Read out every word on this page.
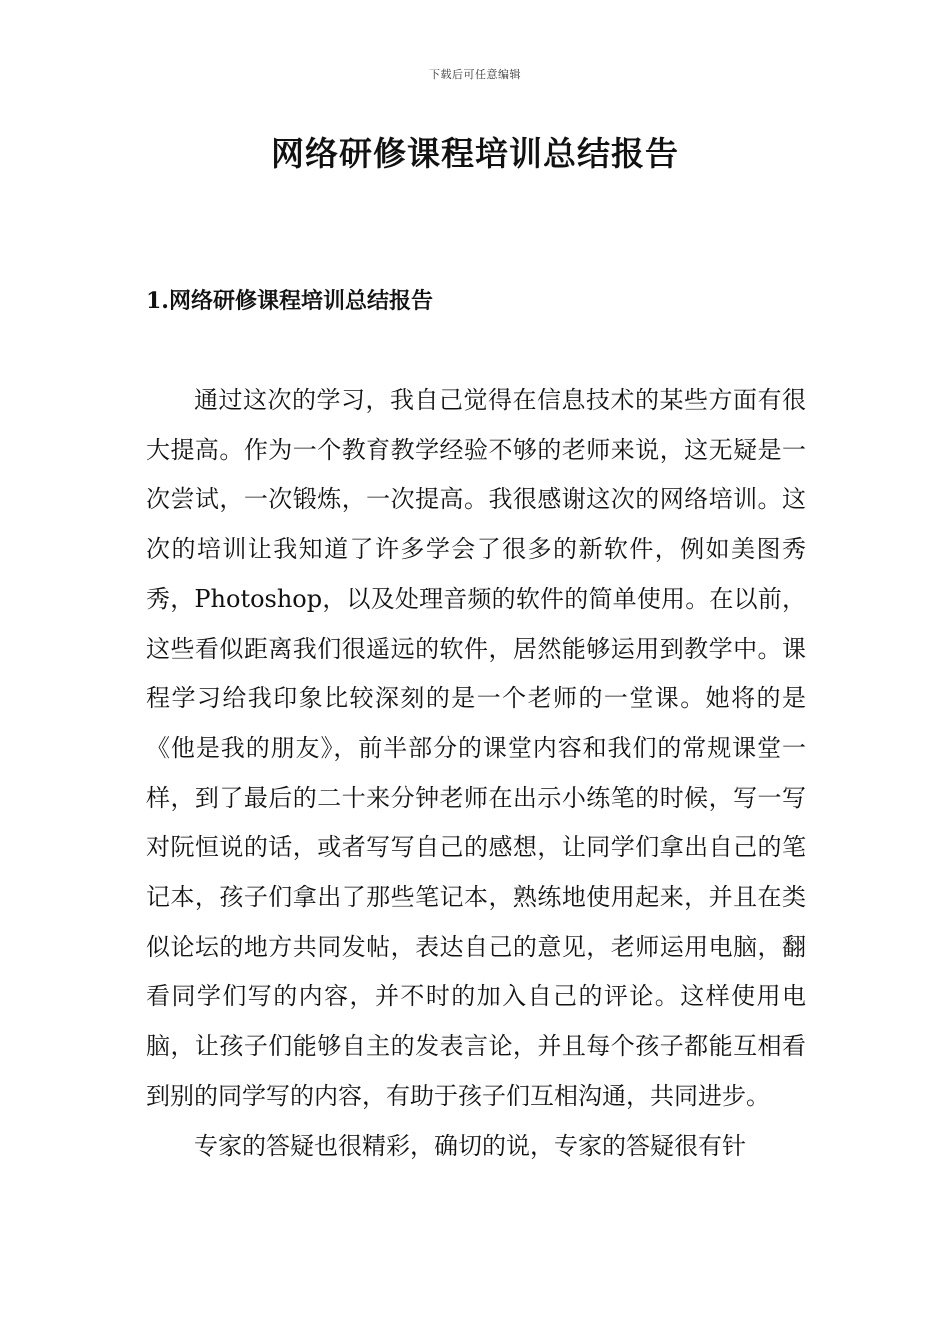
下载后可任意编辑
网络研修课程培训总结报告
1.网络研修课程培训总结报告

通过这次的学习，我自己觉得在信息技术的某些方面有很大提高。作为一个教育教学经验不够的老师来说，这无疑是一次尝试，一次锻炼，一次提高。我很感谢这次的网络培训。这次的培训让我知道了许多学会了很多的新软件，例如美图秀秀，Photoshop，以及处理音频的软件的简单使用。在以前，这些看似距离我们很遥远的软件，居然能够运用到教学中。课程学习给我印象比较深刻的是一个老师的一堂课。她将的是《他是我的朋友》，前半部分的课堂内容和我们的常规课堂一样，到了最后的二十来分钟老师在出示小练笔的时候，写一写对阮恒说的话，或者写写自己的感想，让同学们拿出自己的笔记本，孩子们拿出了那些笔记本，熟练地使用起来，并且在类似论坛的地方共同发帖，表达自己的意见，老师运用电脑，翻看同学们写的内容，并不时的加入自己的评论。这样使用电脑，让孩子们能够自主的发表言论，并且每个孩子都能互相看到别的同学写的内容，有助于孩子们互相沟通，共同进步。

专家的答疑也很精彩，确切的说，专家的答疑很有针
